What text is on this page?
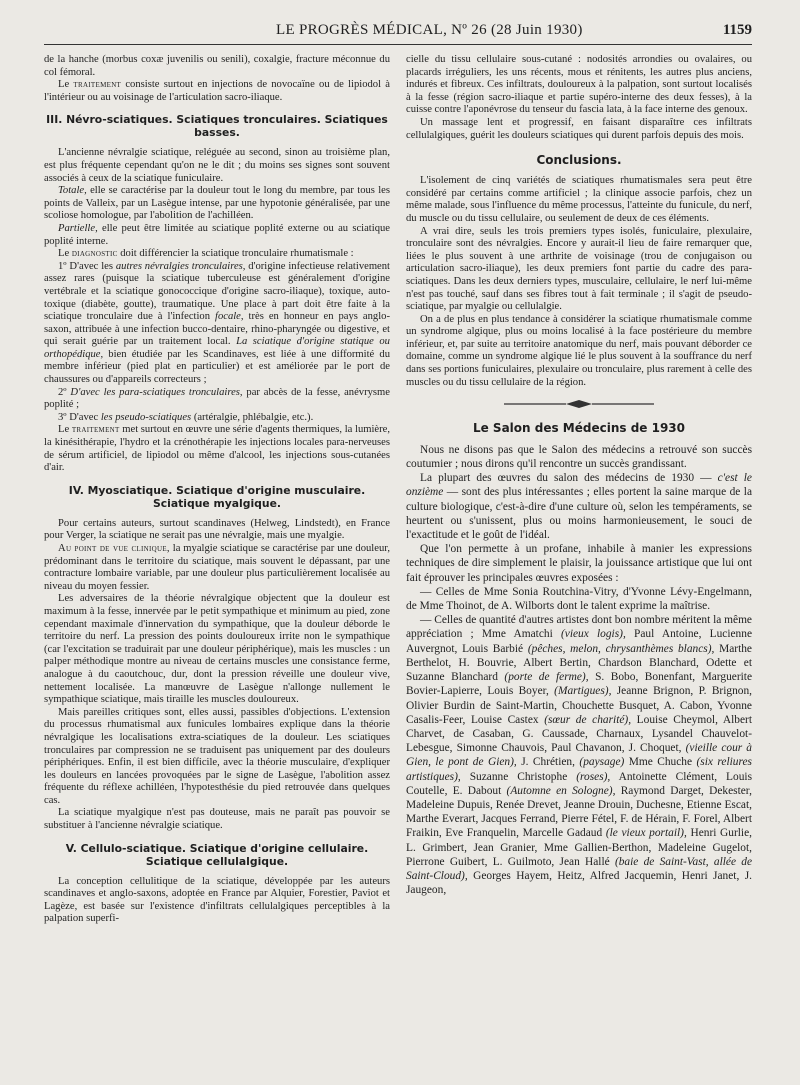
LE PROGRÈS MÉDICAL, Nº 26 (28 Juin 1930)	1159

de la hanche (morbus coxæ juvenilis ou senili), coxalgie, fracture méconnue du col fémoral.

Le traitement consiste surtout en injections de novocaïne ou de lipiodol à l'intérieur ou au voisinage de l'articulation sacro-iliaque.

III. Névro-sciatiques. Sciatiques tronculaires. Sciatiques basses.

L'ancienne névralgie sciatique, reléguée au second, sinon au troisième plan, est plus fréquente cependant qu'on ne le dit ; du moins ses signes sont souvent associés à ceux de la sciatique funiculaire.

Totale, elle se caractérise par la douleur tout le long du membre, par tous les points de Valleix, par un Lasègue intense, par une hypotonie généralisée, par une scoliose homologue, par l'abolition de l'achilléen.

Partielle, elle peut être limitée au sciatique poplité externe ou au sciatique poplité interne.

Le diagnostic doit différencier la sciatique tronculaire rhumatismale :

1º D'avec les autres névralgies tronculaires, d'origine infectieuse relativement assez rares (puisque la sciatique tuberculeuse est généralement d'origine vertébrale et la sciatique gonococcique d'origine sacro-iliaque), toxique, auto-toxique (diabète, goutte), traumatique. Une place à part doit être faite à la sciatique tronculaire due à l'infection focale, très en honneur en pays anglo-saxon, attribuée à une infection bucco-dentaire, rhino-pharyngée ou digestive, et qui serait guérie par un traitement local. La sciatique d'origine statique ou orthopédique, bien étudiée par les Scandinaves, est liée à une difformité du membre inférieur (pied plat en particulier) et est améliorée par le port de chaussures ou d'appareils correcteurs ;

2º D'avec les para-sciatiques tronculaires, par abcès de la fesse, anévrysme poplité ;

3º D'avec les pseudo-sciatiques (artéralgie, phlébalgie, etc.).

Le traitement met surtout en œuvre une série d'agents thermiques, la lumière, la kinésithérapie, l'hydro et la crénothérapie les injections locales para-nerveuses de sérum artificiel, de lipiodol ou même d'alcool, les injections sous-cutanées d'air.

IV. Myosciatique. Sciatique d'origine musculaire. Sciatique myalgique.

Pour certains auteurs, surtout scandinaves (Helweg, Lindstedt), en France pour Verger, la sciatique ne serait pas une névralgie, mais une myalgie.

Au point de vue clinique, la myalgie sciatique se caractérise par une douleur, prédominant dans le territoire du sciatique, mais souvent le dépassant, par une contracture lombaire variable, par une douleur plus particulièrement localisée au niveau du moyen fessier.

Les adversaires de la théorie névralgique objectent que la douleur est maximum à la fesse, innervée par le petit sympathique et minimum au pied, zone cependant maximale d'innervation du sympathique, que la douleur déborde le territoire du nerf. La pression des points douloureux irrite non le sympathique (car l'excitation se traduirait par une douleur périphérique), mais les muscles : un palper méthodique montre au niveau de certains muscles une consistance ferme, analogue à du caoutchouc, dur, dont la pression réveille une douleur vive, nettement localisée. La manœuvre de Lasègue n'allonge nullement le sympathique sciatique, mais tiraille les muscles douloureux.

Mais pareilles critiques sont, elles aussi, passibles d'objections. L'extension du processus rhumatismal aux funicules lombaires explique dans la théorie névralgique les localisations extra-sciatiques de la douleur. Les sciatiques tronculaires par compression ne se traduisent pas uniquement par des douleurs périphériques. Enfin, il est bien difficile, avec la théorie musculaire, d'expliquer les douleurs en lancées provoquées par le signe de Lasègue, l'abolition assez fréquente du réflexe achilléen, l'hypotesthésie du pied retrouvée dans quelques cas.

La sciatique myalgique n'est pas douteuse, mais ne paraît pas pouvoir se substituer à l'ancienne névralgie sciatique.

V. Cellulo-sciatique. Sciatique d'origine cellulaire. Sciatique cellulalgique.

La conception cellulitique de la sciatique, développée par les auteurs scandinaves et anglo-saxons, adoptée en France par Alquier, Forestier, Paviot et Lagèze, est basée sur l'existence d'infiltrats cellulalgiques perceptibles à la palpation superfi-

cielle du tissu cellulaire sous-cutané : nodosités arrondies ou ovalaires, ou placards irréguliers, les uns récents, mous et rénitents, les autres plus anciens, indurés et fibreux. Ces infiltrats, douloureux à la palpation, sont surtout localisés à la fesse (région sacro-iliaque et partie supéro-interne des deux fesses), à la cuisse contre l'aponévrose du tenseur du fascia lata, à la face interne des genoux.

Un massage lent et progressif, en faisant disparaître ces infiltrats cellulalgiques, guérit les douleurs sciatiques qui durent parfois depuis des mois.

Conclusions.

L'isolement de cinq variétés de sciatiques rhumatismales sera peut être considéré par certains comme artificiel ; la clinique associe parfois, chez un même malade, sous l'influence du même processus, l'atteinte du funicule, du nerf, du muscle ou du tissu cellulaire, ou seulement de deux de ces éléments.

A vrai dire, seuls les trois premiers types isolés, funiculaire, plexulaire, tronculaire sont des névralgies. Encore y aurait-il lieu de faire remarquer que, liées le plus souvent à une arthrite de voisinage (trou de conjugaison ou articulation sacro-iliaque), les deux premiers font partie du cadre des para-sciatiques. Dans les deux derniers types, musculaire, cellulaire, le nerf lui-même n'est pas touché, sauf dans ses fibres tout à fait terminale ; il s'agit de pseudo-sciatique, par myalgie ou cellulalgie.

On a de plus en plus tendance à considérer la sciatique rhumatismale comme un syndrome algique, plus ou moins localisé à la face postérieure du membre inférieur, et, par suite au territoire anatomique du nerf, mais pouvant déborder ce domaine, comme un syndrome algique lié le plus souvent à la souffrance du nerf dans ses portions funiculaires, plexulaire ou tronculaire, plus rarement à celle des muscles ou du tissu cellulaire de la région.

Le Salon des Médecins de 1930

Nous ne disons pas que le Salon des médecins a retrouvé son succès coutumier ; nous dirons qu'il rencontre un succès grandissant.

La plupart des œuvres du salon des médecins de 1930 — c'est le onzième — sont des plus intéressantes ; elles portent la saine marque de la culture biologique, c'est-à-dire d'une culture où, selon les tempéraments, se heurtent ou s'unissent, plus ou moins harmonieusement, le souci de l'exactitude et le goût de l'idéal.

Que l'on permette à un profane, inhabile à manier les expressions techniques de dire simplement le plaisir, la jouissance artistique que lui ont fait éprouver les principales œuvres exposées :

— Celles de Mme Sonia Routchina-Vitry, d'Yvonne Lévy-Engelmann, de Mme Thoinot, de A. Wilborts dont le talent exprime la maîtrise.

— Celles de quantité d'autres artistes dont bon nombre méritent la même appréciation ; Mme Amatchi (vieux logis), Paul Antoine, Lucienne Auvergnot, Louis Barbié (pêches, melon, chrysanthèmes blancs), Marthe Berthelot, H. Bouvrie, Albert Bertin, Chardson Blanchard, Odette et Suzanne Blanchard (porte de ferme), S. Bobo, Bonenfant, Marguerite Bovier-Lapierre, Louis Boyer, (Martigues), Jeanne Brignon, P. Brignon, Olivier Burdin de Saint-Martin, Chouchette Busquet, A. Cabon, Yvonne Casalis-Feer, Louise Castex (sœur de charité), Louise Cheymol, Albert Charvet, de Casaban, G. Caussade, Charnaux, Lysandel Chauvelot-Lebesgue, Simonne Chauvois, Paul Chavanon, J. Choquet, (vieille cour à Gien, le pont de Gien), J. Chrétien, (paysage) Mme Chuche (six reliures artistiques), Suzanne Christophe (roses), Antoinette Clément, Louis Coutelle, E. Dabout (Automne en Sologne), Raymond Darget, Dekester, Madeleine Dupuis, Renée Drevet, Jeanne Drouin, Duchesne, Etienne Escat, Marthe Everart, Jacques Ferrand, Pierre Fétel, F. de Hérain, F. Forel, Albert Fraikin, Eve Franquelin, Marcelle Gadaud (le vieux portail), Henri Gurlie, L. Grimbert, Jean Granier, Mme Gallien-Berthon, Madeleine Gugelot, Pierrone Guibert, L. Guilmoto, Jean Hallé (baie de Saint-Vast, allée de Saint-Cloud), Georges Hayem, Heitz, Alfred Jacquemin, Henri Janet, J. Jaugeon,
